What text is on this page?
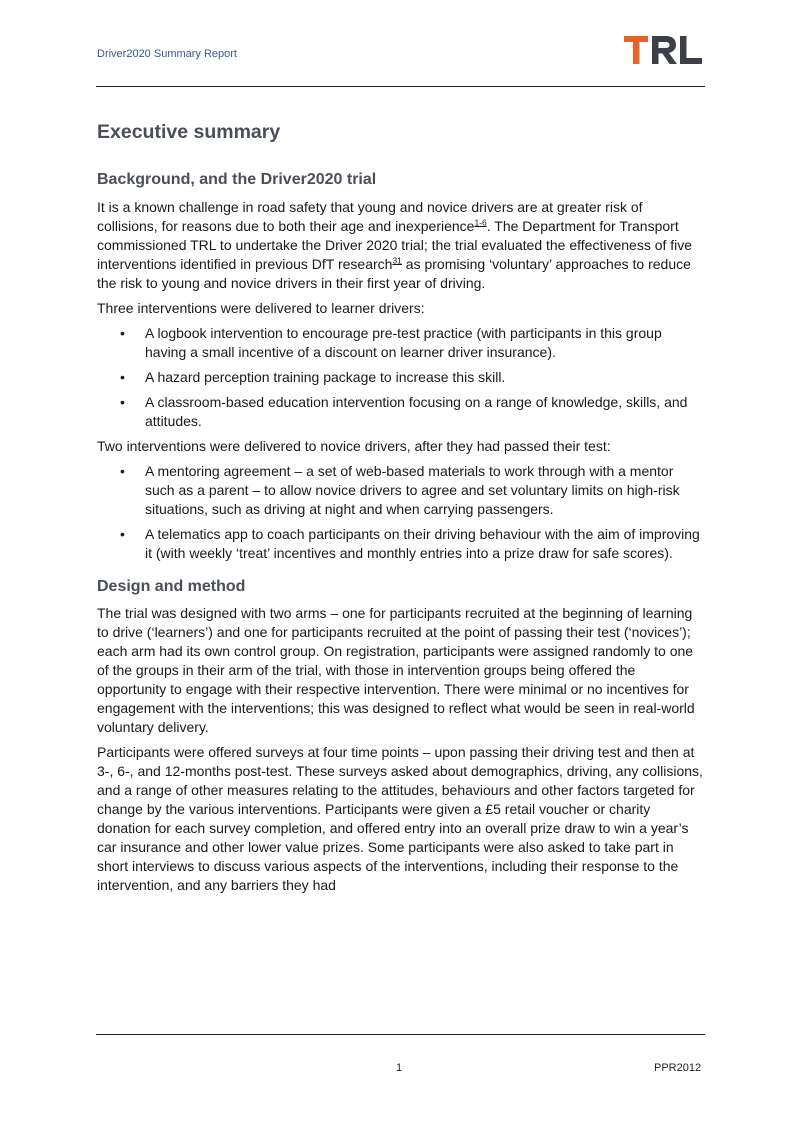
Driver2020 Summary Report
Executive summary
Background, and the Driver2020 trial

It is a known challenge in road safety that young and novice drivers are at greater risk of collisions, for reasons due to both their age and inexperience$^{1-6}$. The Department for Transport commissioned TRL to undertake the Driver 2020 trial; the trial evaluated the effectiveness of five interventions identified in previous DfT research$^{31}$ as promising ‘voluntary’ approaches to reduce the risk to young and novice drivers in their first year of driving.

Three interventions were delivered to learner drivers:

• A logbook intervention to encourage pre-test practice (with participants in this group having a small incentive of a discount on learner driver insurance).
• A hazard perception training package to increase this skill.
• A classroom-based education intervention focusing on a range of knowledge, skills, and attitudes.

Two interventions were delivered to novice drivers, after they had passed their test:

• A mentoring agreement – a set of web-based materials to work through with a mentor such as a parent – to allow novice drivers to agree and set voluntary limits on high-risk situations, such as driving at night and when carrying passengers.
• A telematics app to coach participants on their driving behaviour with the aim of improving it (with weekly ‘treat’ incentives and monthly entries into a prize draw for safe scores).
Design and method

The trial was designed with two arms – one for participants recruited at the beginning of learning to drive (‘learners’) and one for participants recruited at the point of passing their test (‘novices’); each arm had its own control group. On registration, participants were assigned randomly to one of the groups in their arm of the trial, with those in intervention groups being offered the opportunity to engage with their respective intervention. There were minimal or no incentives for engagement with the interventions; this was designed to reflect what would be seen in real-world voluntary delivery.

Participants were offered surveys at four time points – upon passing their driving test and then at 3-, 6-, and 12-months post-test. These surveys asked about demographics, driving, any collisions, and a range of other measures relating to the attitudes, behaviours and other factors targeted for change by the various interventions. Participants were given a £5 retail voucher or charity donation for each survey completion, and offered entry into an overall prize draw to win a year’s car insurance and other lower value prizes. Some participants were also asked to take part in short interviews to discuss various aspects of the interventions, including their response to the intervention, and any barriers they had

1	PPR2012
